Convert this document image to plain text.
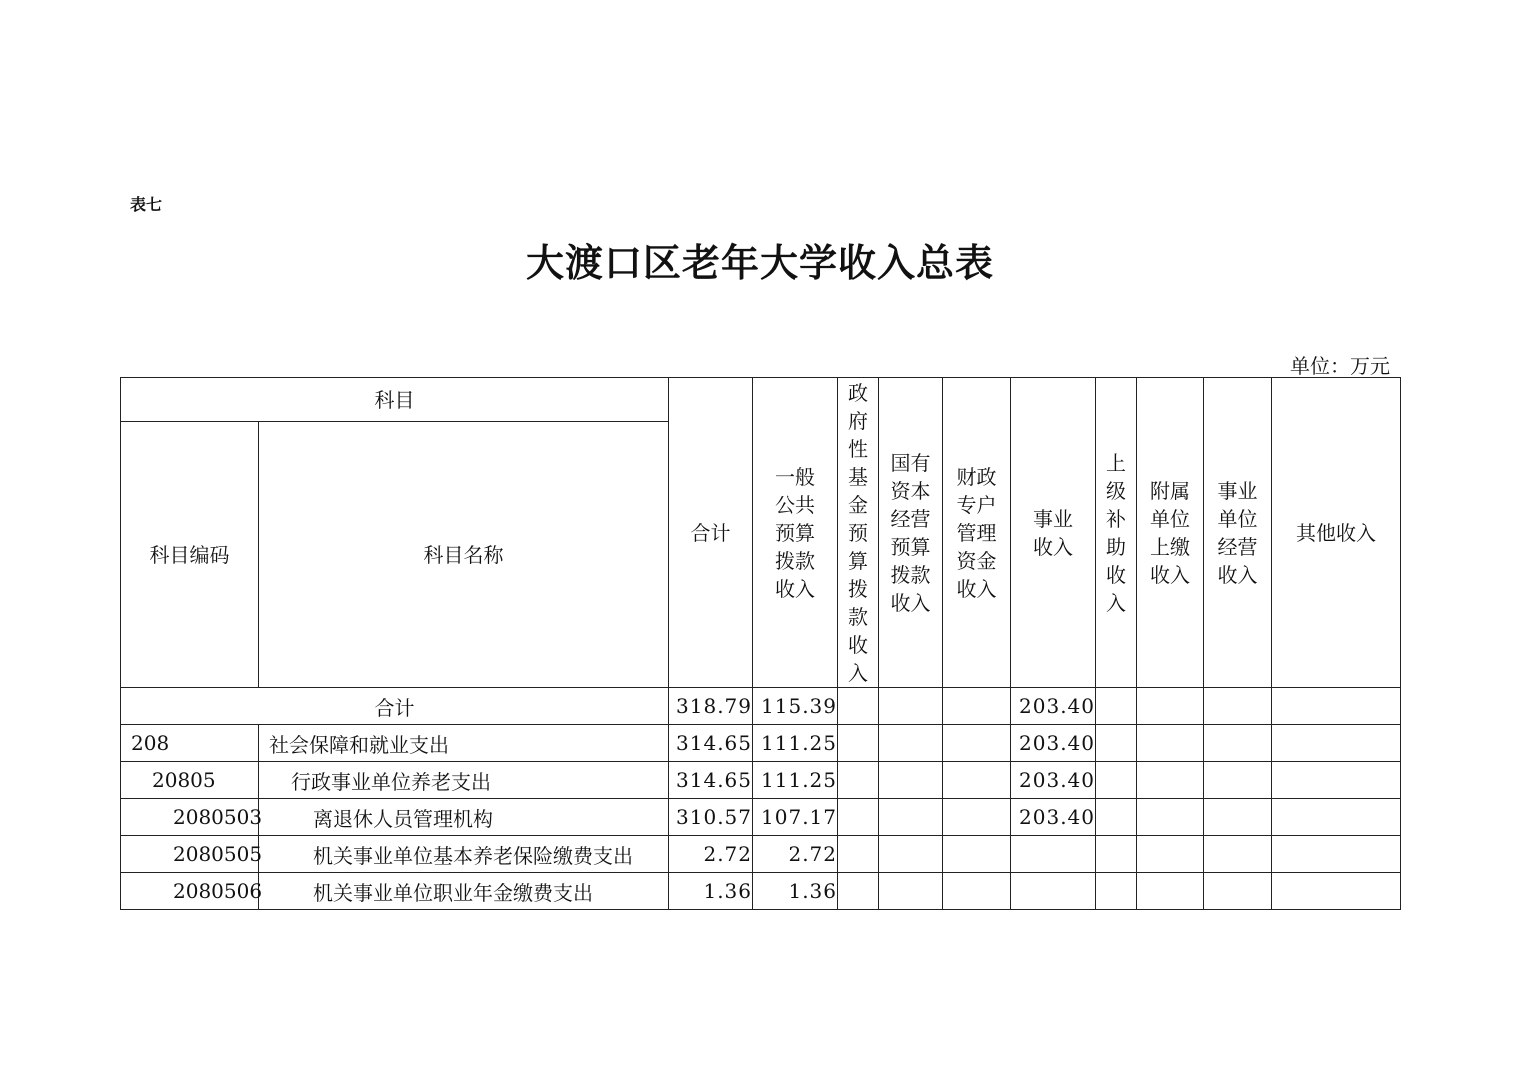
表七
大渡口区老年大学收入总表
单位：万元
科目		合计	一般公共预算拨款收入	政府性基金预算拨款收入	国有资本经营预算拨款收入	财政专户管理资金收入	事业收入	上级补助收入	附属单位上缴收入	事业单位经营收入	其他收入
科目编码	科目名称										
合计		318.79	115.39				203.40				
208	社会保障和就业支出	314.65	111.25				203.40				
20805	行政事业单位养老支出	314.65	111.25				203.40				
2080503	离退休人员管理机构	310.57	107.17				203.40				
2080505	机关事业单位基本养老保险缴费支出	2.72	2.72								
2080506	机关事业单位职业年金缴费支出	1.36	1.36								
